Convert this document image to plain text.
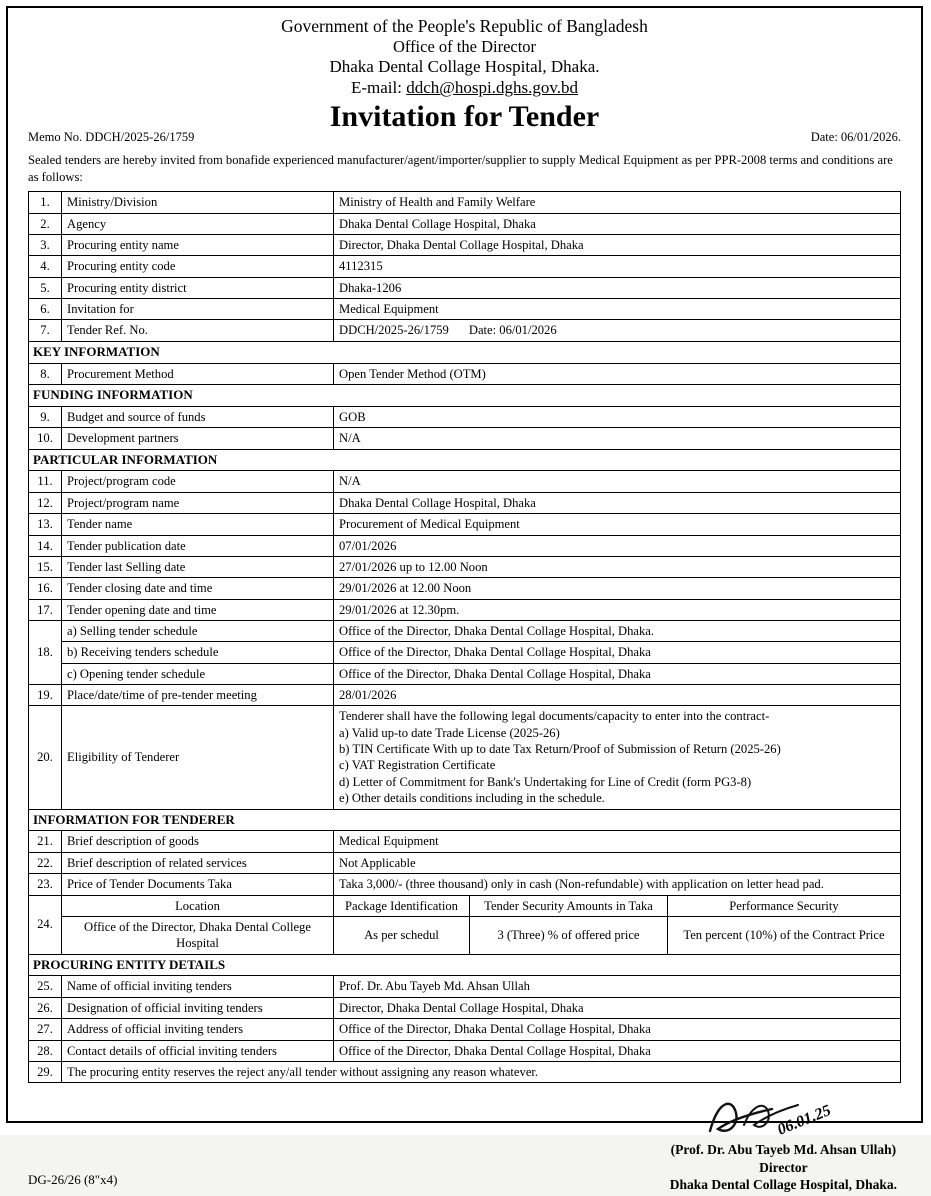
Government of the People's Republic of Bangladesh
Office of the Director
Dhaka Dental Collage Hospital, Dhaka.
E-mail: ddch@hospi.dghs.gov.bd
Invitation for Tender
Memo No. DDCH/2025-26/1759	Date: 06/01/2026.
Sealed tenders are hereby invited from bonafide experienced manufacturer/agent/importer/supplier to supply Medical Equipment as per PPR-2008 terms and conditions are as follows:
1.	Ministry/Division	Ministry of Health and Family Welfare		
2.	Agency	Dhaka Dental Collage Hospital, Dhaka		
3.	Procuring entity name	Director, Dhaka Dental Collage Hospital, Dhaka		
4.	Procuring entity code	4112315		
5.	Procuring entity district	Dhaka-1206		
6.	Invitation for	Medical Equipment		
7.	Tender Ref. No.	DDCH/2025-26/1759 Date: 06/01/2026		
KEY INFORMATION				
8.	Procurement Method	Open Tender Method (OTM)		
FUNDING INFORMATION				
9.	Budget and source of funds	GOB		
10.	Development partners	N/A		
PARTICULAR INFORMATION				
11.	Project/program code	N/A		
12.	Project/program name	Dhaka Dental Collage Hospital, Dhaka		
13.	Tender name	Procurement of Medical Equipment		
14.	Tender publication date	07/01/2026		
15.	Tender last Selling date	27/01/2026 up to 12.00 Noon		
16.	Tender closing date and time	29/01/2026 at 12.00 Noon		
17.	Tender opening date and time	29/01/2026 at 12.30pm.		
18.	a) Selling tender schedule	Office of the Director, Dhaka Dental Collage Hospital, Dhaka.		
	b) Receiving tenders schedule	Office of the Director, Dhaka Dental Collage Hospital, Dhaka		
	c) Opening tender schedule	Office of the Director, Dhaka Dental Collage Hospital, Dhaka		
19.	Place/date/time of pre-tender meeting	28/01/2026		
20.	Eligibility of Tenderer	
Tenderer shall have the following legal documents/capacity to enter into the contract-
a) Valid up-to date Trade License (2025-26)
b) TIN Certificate With up to date Tax Return/Proof of Submission of Return (2025-26)
c) VAT Registration Certificate
d) Letter of Commitment for Bank's Undertaking for Line of Credit (form PG3-8)
e) Other details conditions including in the schedule.

INFORMATION FOR TENDERER				
21.	Brief description of goods	Medical Equipment		
22.	Brief description of related services	Not Applicable		
23.	Price of Tender Documents Taka	Taka 3,000/- (three thousand) only in cash (Non-refundable) with application on letter head pad.		
24.	Location	Package Identification	Tender Security Amounts in Taka	Performance Security
	Office of the Director, Dhaka Dental College Hospital	As per schedul	3 (Three) % of offered price	Ten percent (10%) of the Contract Price
PROCURING ENTITY DETAILS				
25.	Name of official inviting tenders	Prof. Dr. Abu Tayeb Md. Ahsan Ullah		
26.	Designation of official inviting tenders	Director, Dhaka Dental Collage Hospital, Dhaka		
27.	Address of official inviting tenders	Office of the Director, Dhaka Dental Collage Hospital, Dhaka		
28.	Contact details of official inviting tenders	Office of the Director, Dhaka Dental Collage Hospital, Dhaka		
29.	The procuring entity reserves the reject any/all tender without assigning any reason whatever.			
DG-26/26 (8"x4)
06.01.25
(Prof. Dr. Abu Tayeb Md. Ahsan Ullah)
Director
Dhaka Dental Collage Hospital, Dhaka.
